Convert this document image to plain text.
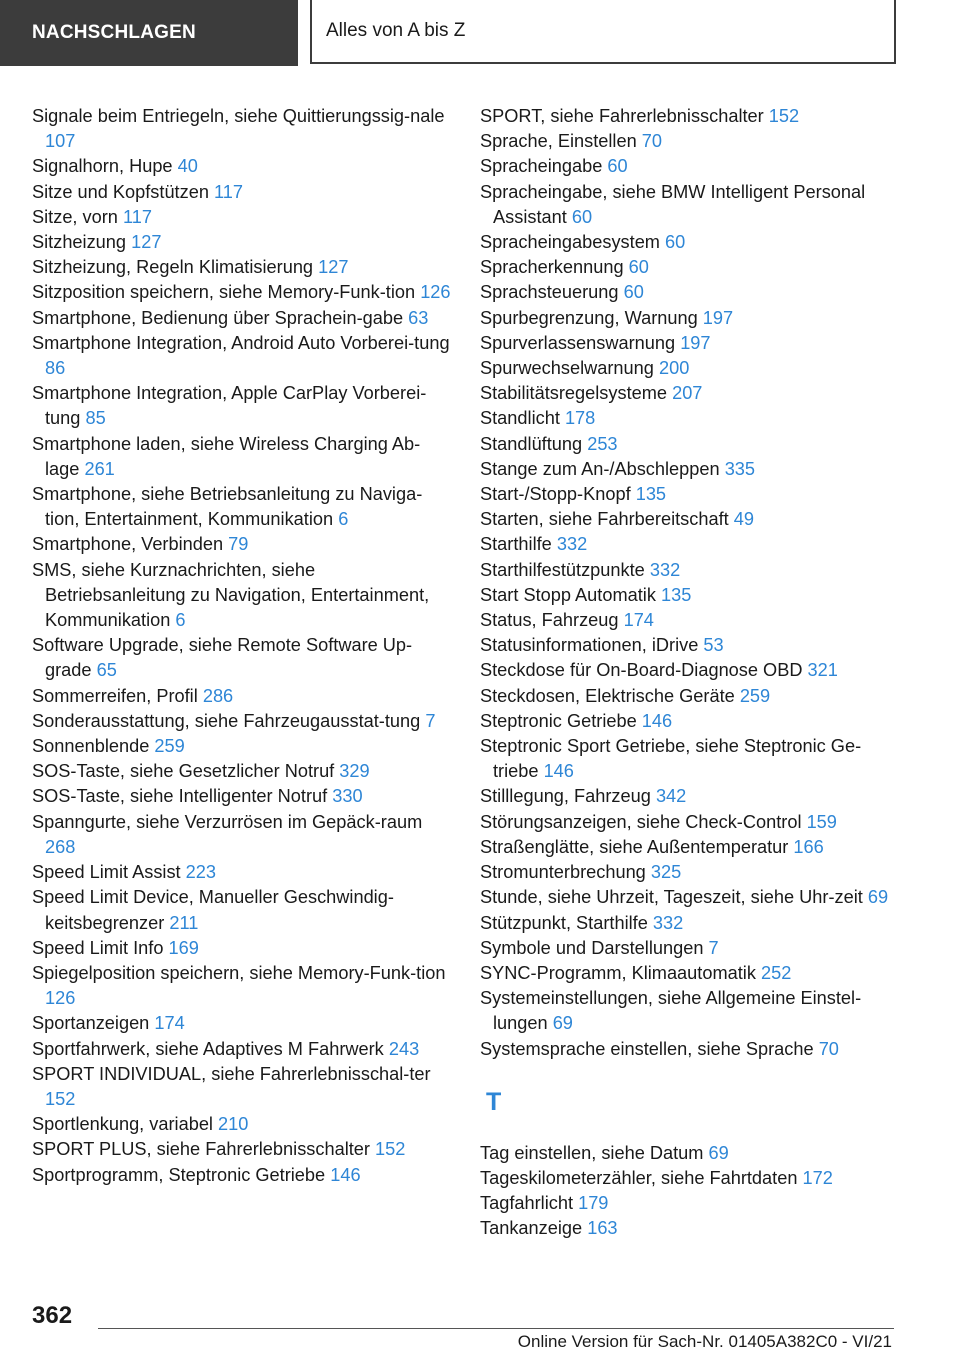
NACHSCHLAGEN	Alles von A bis Z
Signale beim Entriegeln, siehe Quittierungssig-nale 107
Signalhorn, Hupe 40
Sitze und Kopfstützen 117
Sitze, vorn 117
Sitzheizung 127
Sitzheizung, Regeln Klimatisierung 127
Sitzposition speichern, siehe Memory-Funk-tion 126
Smartphone, Bedienung über Sprachein-gabe 63
Smartphone Integration, Android Auto Vorberei-tung 86
Smartphone Integration, Apple CarPlay Vorberei-tung 85
Smartphone laden, siehe Wireless Charging Ab-lage 261
Smartphone, siehe Betriebsanleitung zu Naviga-tion, Entertainment, Kommunikation 6
Smartphone, Verbinden 79
SMS, siehe Kurznachrichten, siehe Betriebsanleitung zu Navigation, Entertainment, Kommunikation 6
Software Upgrade, siehe Remote Software Up-grade 65
Sommerreifen, Profil 286
Sonderausstattung, siehe Fahrzeugausstat-tung 7
Sonnenblende 259
SOS-Taste, siehe Gesetzlicher Notruf 329
SOS-Taste, siehe Intelligenter Notruf 330
Spanngurte, siehe Verzurrösen im Gepäck-raum 268
Speed Limit Assist 223
Speed Limit Device, Manueller Geschwindig-keitsbegrenzer 211
Speed Limit Info 169
Spiegelposition speichern, siehe Memory-Funk-tion 126
Sportanzeigen 174
Sportfahrwerk, siehe Adaptives M Fahrwerk 243
SPORT INDIVIDUAL, siehe Fahrerlebnisschal-ter 152
Sportlenkung, variabel 210
SPORT PLUS, siehe Fahrerlebnisschalter 152
Sportprogramm, Steptronic Getriebe 146
SPORT, siehe Fahrerlebnisschalter 152
Sprache, Einstellen 70
Spracheingabe 60
Spracheingabe, siehe BMW Intelligent Personal Assistant 60
Spracheingabesystem 60
Spracherkennung 60
Sprachsteuerung 60
Spurbegrenzung, Warnung 197
Spurverlassenswarnung 197
Spurwechselwarnung 200
Stabilitätsregelsysteme 207
Standlicht 178
Standlüftung 253
Stange zum An-/Abschleppen 335
Start-/Stopp-Knopf 135
Starten, siehe Fahrbereitschaft 49
Starthilfe 332
Starthilfestützpunkte 332
Start Stopp Automatik 135
Status, Fahrzeug 174
Statusinformationen, iDrive 53
Steckdose für On-Board-Diagnose OBD 321
Steckdosen, Elektrische Geräte 259
Steptronic Getriebe 146
Steptronic Sport Getriebe, siehe Steptronic Ge-triebe 146
Stilllegung, Fahrzeug 342
Störungsanzeigen, siehe Check-Control 159
Straßenglätte, siehe Außentemperatur 166
Stromunterbrechung 325
Stunde, siehe Uhrzeit, Tageszeit, siehe Uhr-zeit 69
Stützpunkt, Starthilfe 332
Symbole und Darstellungen 7
SYNC-Programm, Klimaautomatik 252
Systemeinstellungen, siehe Allgemeine Einstel-lungen 69
Systemsprache einstellen, siehe Sprache 70
T
Tag einstellen, siehe Datum 69
Tageskilometerzähler, siehe Fahrtdaten 172
Tagfahrlicht 179
Tankanzeige 163
362
Online Version für Sach-Nr. 01405A382C0 - VI/21
